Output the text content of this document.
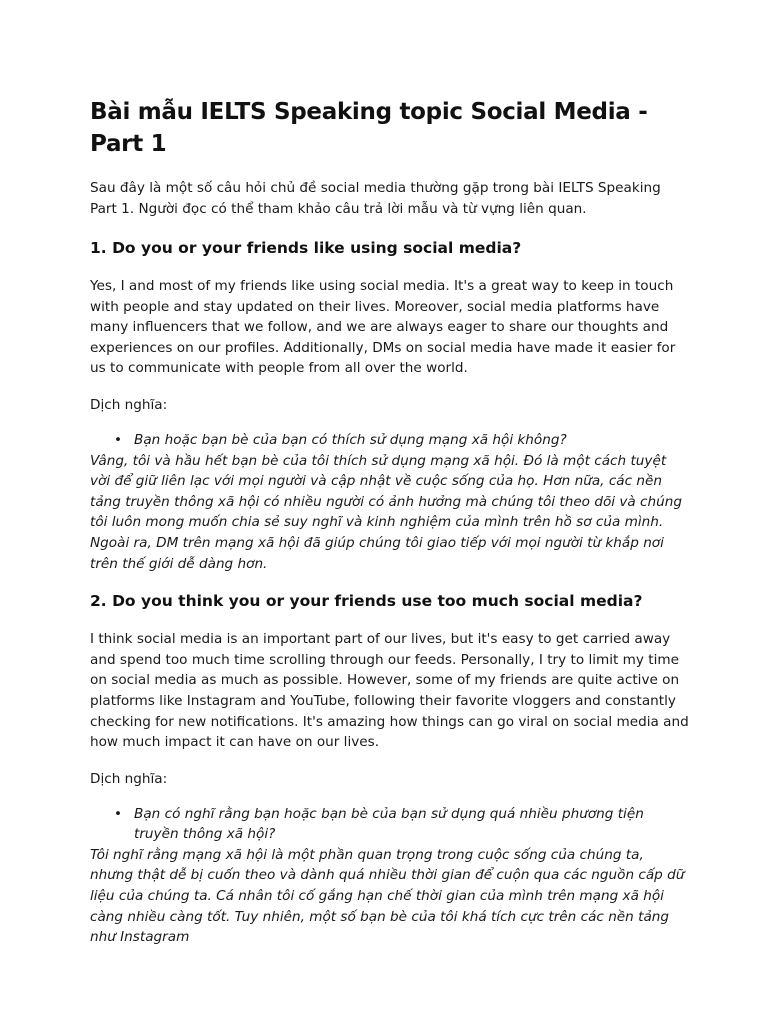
Bài mẫu IELTS Speaking topic Social Media - Part 1

Sau đây là một số câu hỏi chủ đề social media thường gặp trong bài IELTS Speaking Part 1. Người đọc có thể tham khảo câu trả lời mẫu và từ vựng liên quan.

1. Do you or your friends like using social media?

Yes, I and most of my friends like using social media. It's a great way to keep in touch with people and stay updated on their lives. Moreover, social media platforms have many influencers that we follow, and we are always eager to share our thoughts and experiences on our profiles. Additionally, DMs on social media have made it easier for us to communicate with people from all over the world.

Dịch nghĩa:

• Bạn hoặc bạn bè của bạn có thích sử dụng mạng xã hội không?

Vâng, tôi và hầu hết bạn bè của tôi thích sử dụng mạng xã hội. Đó là một cách tuyệt vời để giữ liên lạc với mọi người và cập nhật về cuộc sống của họ. Hơn nữa, các nền tảng truyền thông xã hội có nhiều người có ảnh hưởng mà chúng tôi theo dõi và chúng tôi luôn mong muốn chia sẻ suy nghĩ và kinh nghiệm của mình trên hồ sơ của mình. Ngoài ra, DM trên mạng xã hội đã giúp chúng tôi giao tiếp với mọi người từ khắp nơi trên thế giới dễ dàng hơn.

2. Do you think you or your friends use too much social media?

I think social media is an important part of our lives, but it's easy to get carried away and spend too much time scrolling through our feeds. Personally, I try to limit my time on social media as much as possible. However, some of my friends are quite active on platforms like Instagram and YouTube, following their favorite vloggers and constantly checking for new notifications. It's amazing how things can go viral on social media and how much impact it can have on our lives.

Dịch nghĩa:

• Bạn có nghĩ rằng bạn hoặc bạn bè của bạn sử dụng quá nhiều phương tiện truyền thông xã hội?

Tôi nghĩ rằng mạng xã hội là một phần quan trọng trong cuộc sống của chúng ta, nhưng thật dễ bị cuốn theo và dành quá nhiều thời gian để cuộn qua các nguồn cấp dữ liệu của chúng ta. Cá nhân tôi cố gắng hạn chế thời gian của mình trên mạng xã hội càng nhiều càng tốt. Tuy nhiên, một số bạn bè của tôi khá tích cực trên các nền tảng như Instagram
